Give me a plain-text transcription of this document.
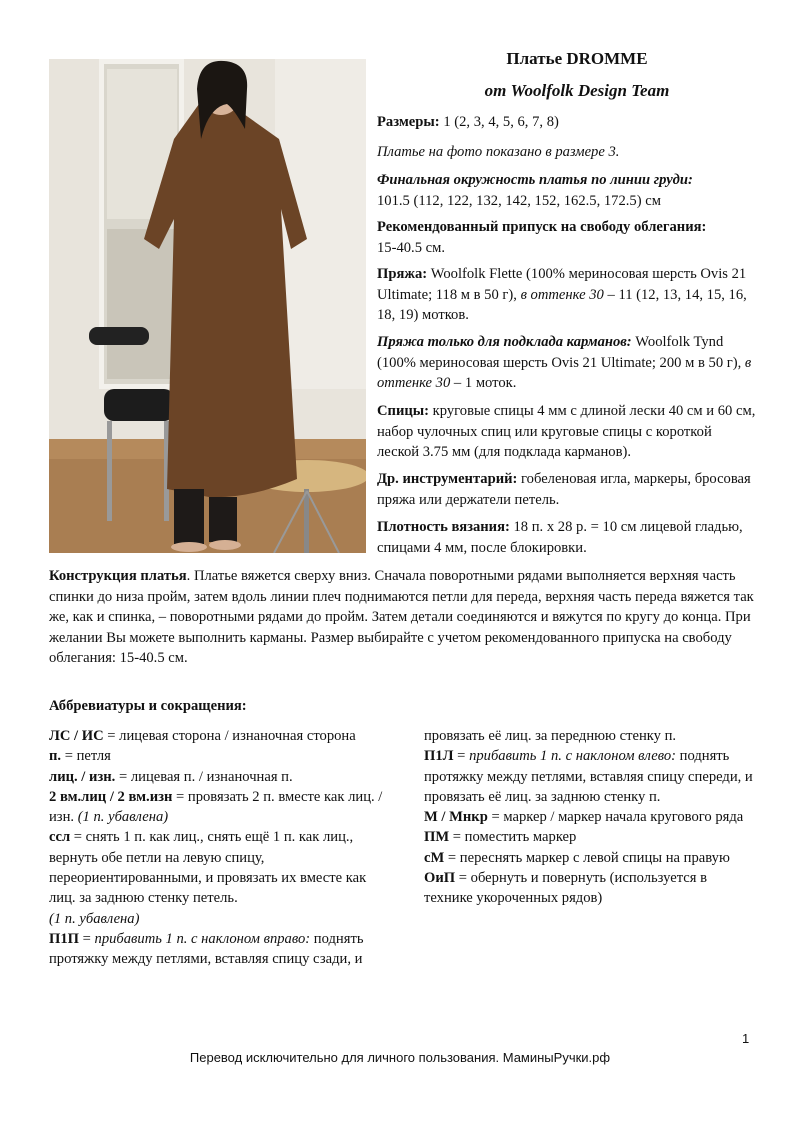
Платье DROMME
от Woolfolk Design Team
Размеры: 1 (2, 3, 4, 5, 6, 7, 8)
Платье на фото показано в размере 3.
Финальная окружность платья по линии груди:
101.5 (112, 122, 132, 142, 152, 162.5, 172.5) см
Рекомендованный припуск на свободу облегания:
15-40.5 см.
Пряжа: Woolfolk Flette (100% мериносовая шерсть Ovis 21 Ultimate; 118 м в 50 г), в оттенке 30 – 11 (12, 13, 14, 15, 16, 18, 19) мотков.
Пряжа только для подклада карманов: Woolfolk Tynd (100% мериносовая шерсть Ovis 21 Ultimate; 200 м в 50 г), в оттенке 30 – 1 моток.
Спицы: круговые спицы 4 мм с длиной лески 40 см и 60 см, набор чулочных спиц или круговые спицы с короткой леской 3.75 мм (для подклада карманов).
Др. инструментарий: гобеленовая игла, маркеры, бросовая пряжа или держатели петель.
Плотность вязания: 18 п. х 28 р. = 10 см лицевой гладью, спицами 4 мм, после блокировки.
Конструкция платья. Платье вяжется сверху вниз. Сначала поворотными рядами выполняется верхняя часть спинки до низа пройм, затем вдоль линии плеч поднимаются петли для переда, верхняя часть переда вяжется так же, как и спинка, – поворотными рядами до пройм. Затем детали соединяются и вяжутся по кругу до конца. При желании Вы можете выполнить карманы. Размер выбирайте с учетом рекомендованного припуска на свободу облегания: 15-40.5 см.
Аббревиатуры и сокращения:

ЛС / ИС = лицевая сторона / изнаночная сторона

п. = петля

лиц. / изн. = лицевая п. / изнаночная п.

2 вм.лиц / 2 вм.изн = провязать 2 п. вместе как лиц. / изн. (1 п. убавлена)

ссл = снять 1 п. как лиц., снять ещё 1 п. как лиц., вернуть обе петли на левую спицу, переориентированными, и провязать их вместе как лиц. за заднюю стенку петель.
(1 п. убавлена)

П1П = прибавить 1 п. с наклоном вправо: поднять протяжку между петлями, вставляя спицу сзади, и

провязать её лиц. за переднюю стенку п.

П1Л = прибавить 1 п. с наклоном влево: поднять протяжку между петлями, вставляя спицу спереди, и провязать её лиц. за заднюю стенку п.

М / Мнкр = маркер / маркер начала кругового ряда

ПМ = поместить маркер

сМ = переснять маркер с левой спицы на правую

ОиП = обернуть и повернуть (используется в технике укороченных рядов)

1
Перевод исключительно для личного пользования. МаминыРучки.рф
